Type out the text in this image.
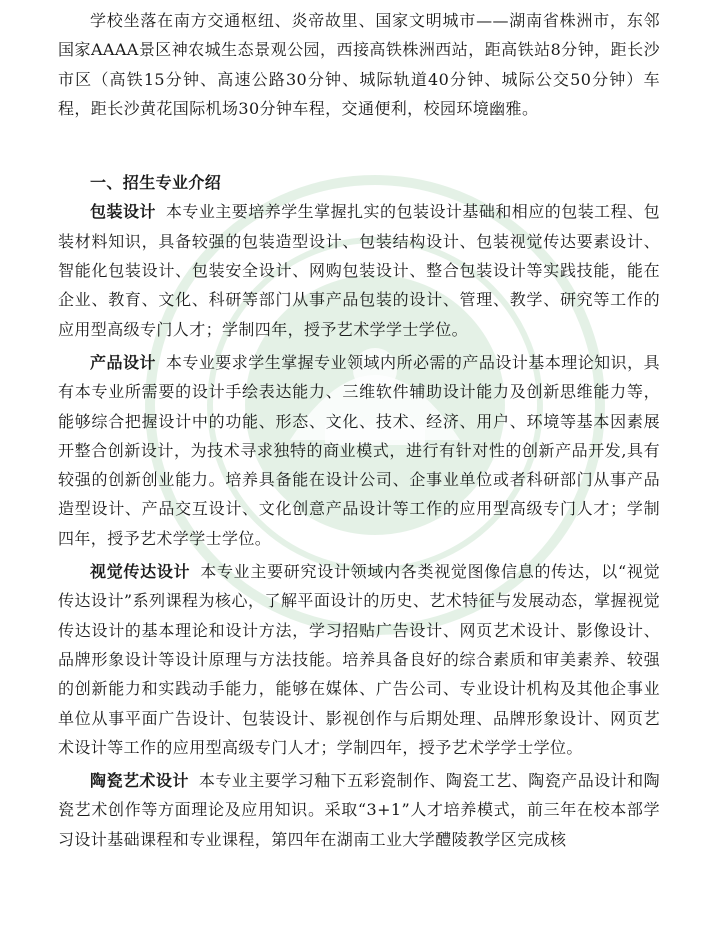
学校坐落在南方交通枢纽、炎帝故里、国家文明城市——湖南省株洲市，东邻国家AAAA景区神农城生态景观公园，西接高铁株洲西站，距高铁站8分钟，距长沙市区（高铁15分钟、高速公路30分钟、城际轨道40分钟、城际公交50分钟）车程，距长沙黄花国际机场30分钟车程，交通便利，校园环境幽雅。

一、招生专业介绍

包装设计 本专业主要培养学生掌握扎实的包装设计基础和相应的包装工程、包装材料知识，具备较强的包装造型设计、包装结构设计、包装视觉传达要素设计、智能化包装设计、包装安全设计、网购包装设计、整合包装设计等实践技能，能在企业、教育、文化、科研等部门从事产品包装的设计、管理、教学、研究等工作的应用型高级专门人才；学制四年，授予艺术学学士学位。

产品设计 本专业要求学生掌握专业领域内所必需的产品设计基本理论知识，具有本专业所需要的设计手绘表达能力、三维软件辅助设计能力及创新思维能力等，能够综合把握设计中的功能、形态、文化、技术、经济、用户、环境等基本因素展开整合创新设计，为技术寻求独特的商业模式，进行有针对性的创新产品开发,具有较强的创新创业能力。培养具备能在设计公司、企事业单位或者科研部门从事产品造型设计、产品交互设计、文化创意产品设计等工作的应用型高级专门人才；学制四年，授予艺术学学士学位。

视觉传达设计 本专业主要研究设计领域内各类视觉图像信息的传达，以“视觉传达设计”系列课程为核心，了解平面设计的历史、艺术特征与发展动态，掌握视觉传达设计的基本理论和设计方法，学习招贴广告设计、网页艺术设计、影像设计、品牌形象设计等设计原理与方法技能。培养具备良好的综合素质和审美素养、较强的创新能力和实践动手能力，能够在媒体、广告公司、专业设计机构及其他企事业单位从事平面广告设计、包装设计、影视创作与后期处理、品牌形象设计、网页艺术设计等工作的应用型高级专门人才；学制四年，授予艺术学学士学位。

陶瓷艺术设计 本专业主要学习釉下五彩瓷制作、陶瓷工艺、陶瓷产品设计和陶瓷艺术创作等方面理论及应用知识。采取“3+1”人才培养模式，前三年在校本部学习设计基础课程和专业课程，第四年在湖南工业大学醴陵教学区完成核
